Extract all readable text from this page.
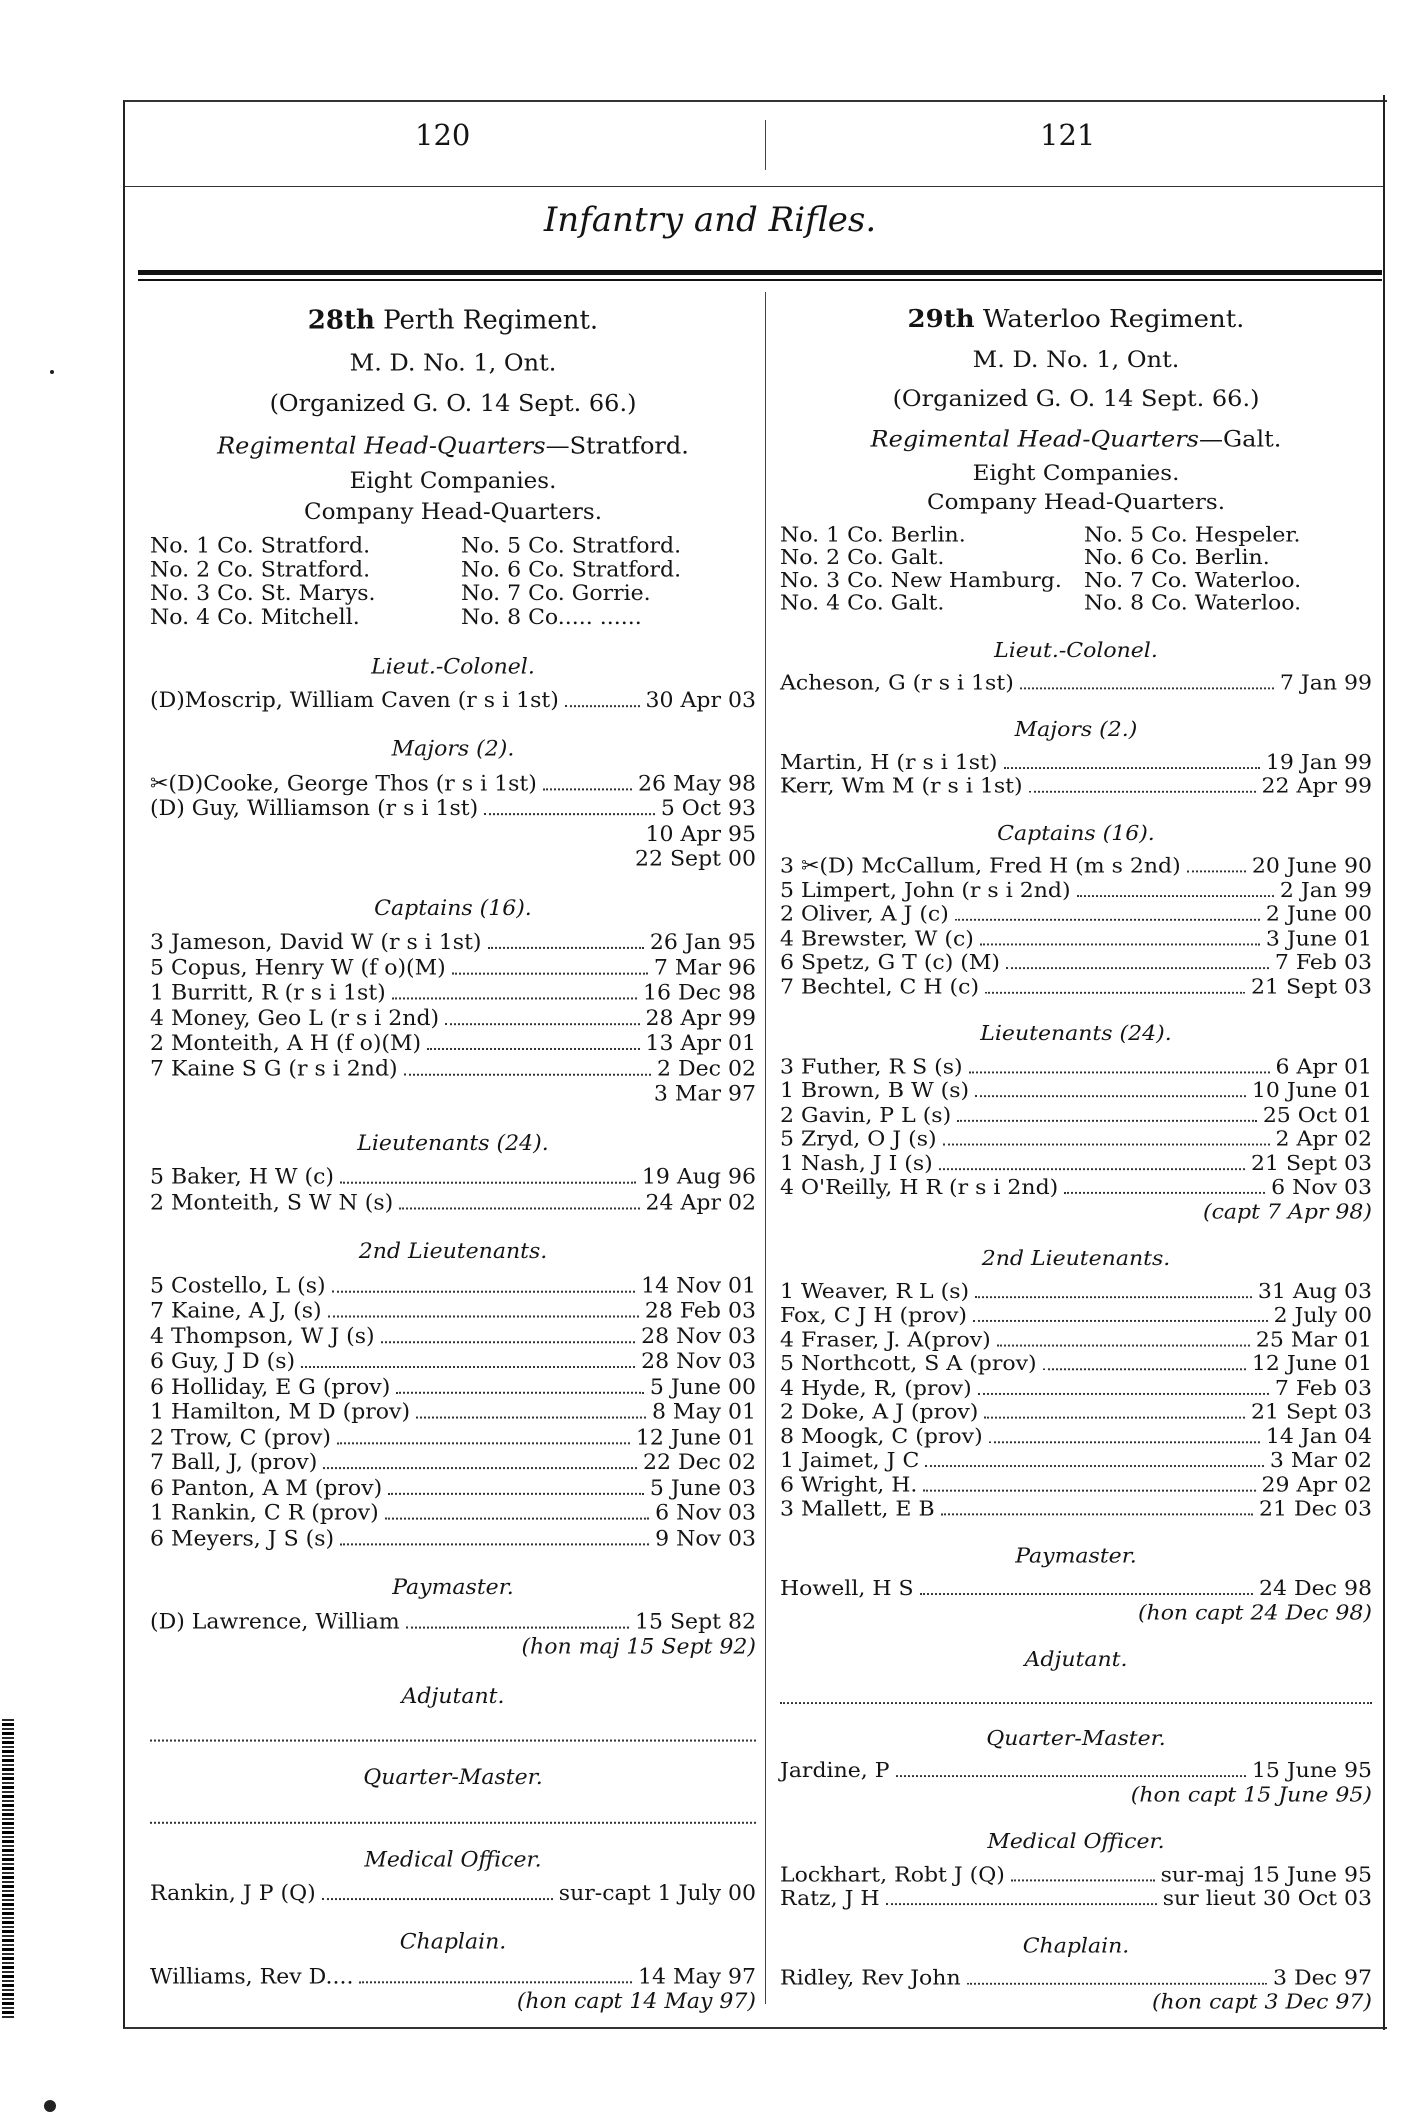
120	121
Infantry and Rifles.
28th Perth Regiment.
M. D. No. 1, Ont.
(Organized G. O. 14 Sept. 66.)
Regimental Head-Quarters—Stratford.
Eight Companies.
Company Head-Quarters.
No. 1 Co. Stratford.	No. 5 Co. Stratford.
No. 2 Co. Stratford.	No. 6 Co. Stratford.
No. 3 Co. St. Marys.	No. 7 Co. Gorrie.
No. 4 Co. Mitchell.	No. 8 Co..... ......
Lieut.-Colonel.
(D)Moscrip, William Caven (r s i 1st)	30 Apr 03
Majors (2).
✂(D)Cooke, George Thos (r s i 1st)	26 May 98
(D) Guy, Williamson (r s i 1st)	5 Oct 93
10 Apr 95
22 Sept 00
Captains (16).
3 Jameson, David W (r s i 1st)	26 Jan 95
5 Copus, Henry W (f o)(M)	7 Mar 96
1 Burritt, R (r s i 1st)	16 Dec 98
4 Money, Geo L (r s i 2nd)	28 Apr 99
2 Monteith, A H (f o)(M)	13 Apr 01
7 Kaine S G (r s i 2nd)	2 Dec 02
3 Mar 97
Lieutenants (24).
5 Baker, H W (c)	19 Aug 96
2 Monteith, S W N (s)	24 Apr 02
2nd Lieutenants.
5 Costello, L (s)	14 Nov 01
7 Kaine, A J, (s)	28 Feb 03
4 Thompson, W J (s)	28 Nov 03
6 Guy, J D (s)	28 Nov 03
6 Holliday, E G (prov)	5 June 00
1 Hamilton, M D (prov)	8 May 01
2 Trow, C (prov)	12 June 01
7 Ball, J, (prov)	22 Dec 02
6 Panton, A M (prov)	5 June 03
1 Rankin, C R (prov)	6 Nov 03
6 Meyers, J S (s)	9 Nov 03
Paymaster.
(D) Lawrence, William	15 Sept 82
(hon maj 15 Sept 92)
Adjutant.
Quarter-Master.
Medical Officer.
Rankin, J P (Q)	sur-capt 1 July 00
Chaplain.
Williams, Rev D....	14 May 97
(hon capt 14 May 97)
29th Waterloo Regiment.
M. D. No. 1, Ont.
(Organized G. O. 14 Sept. 66.)
Regimental Head-Quarters—Galt.
Eight Companies.
Company Head-Quarters.
No. 1 Co. Berlin.	No. 5 Co. Hespeler.
No. 2 Co. Galt.	No. 6 Co. Berlin.
No. 3 Co. New Hamburg. No. 7 Co. Waterloo.
No. 4 Co. Galt.	No. 8 Co. Waterloo.
Lieut.-Colonel.
Acheson, G (r s i 1st)	7 Jan 99
Majors (2.)
Martin, H (r s i 1st)	19 Jan 99
Kerr, Wm M (r s i 1st)	22 Apr 99
Captains (16).
3 ✂(D) McCallum, Fred H (m s 2nd)	20 June 90
5 Limpert, John (r s i 2nd)	2 Jan 99
2 Oliver, A J (c)	2 June 00
4 Brewster, W (c)	3 June 01
6 Spetz, G T (c) (M)	7 Feb 03
7 Bechtel, C H (c)	21 Sept 03
Lieutenants (24).
3 Futher, R S (s)	6 Apr 01
1 Brown, B W (s)	10 June 01
2 Gavin, P L (s)	25 Oct 01
5 Zryd, O J (s)	2 Apr 02
1 Nash, J I (s)	21 Sept 03
4 O'Reilly, H R (r s i 2nd)	6 Nov 03
(capt 7 Apr 98)
2nd Lieutenants.
1 Weaver, R L (s)	31 Aug 03
Fox, C J H (prov)	2 July 00
4 Fraser, J. A(prov)	25 Mar 01
5 Northcott, S A (prov)	12 June 01
4 Hyde, R, (prov)	7 Feb 03
2 Doke, A J (prov)	21 Sept 03
8 Moogk, C (prov)	14 Jan 04
1 Jaimet, J C	3 Mar 02
6 Wright, H.	29 Apr 02
3 Mallett, E B	21 Dec 03
Paymaster.
Howell, H S	24 Dec 98
(hon capt 24 Dec 98)
Adjutant.
Quarter-Master.
Jardine, P	15 June 95
(hon capt 15 June 95)
Medical Officer.
Lockhart, Robt J (Q)	sur-maj 15 June 95
Ratz, J H	sur lieut 30 Oct 03
Chaplain.
Ridley, Rev John	3 Dec 97
(hon capt 3 Dec 97)
